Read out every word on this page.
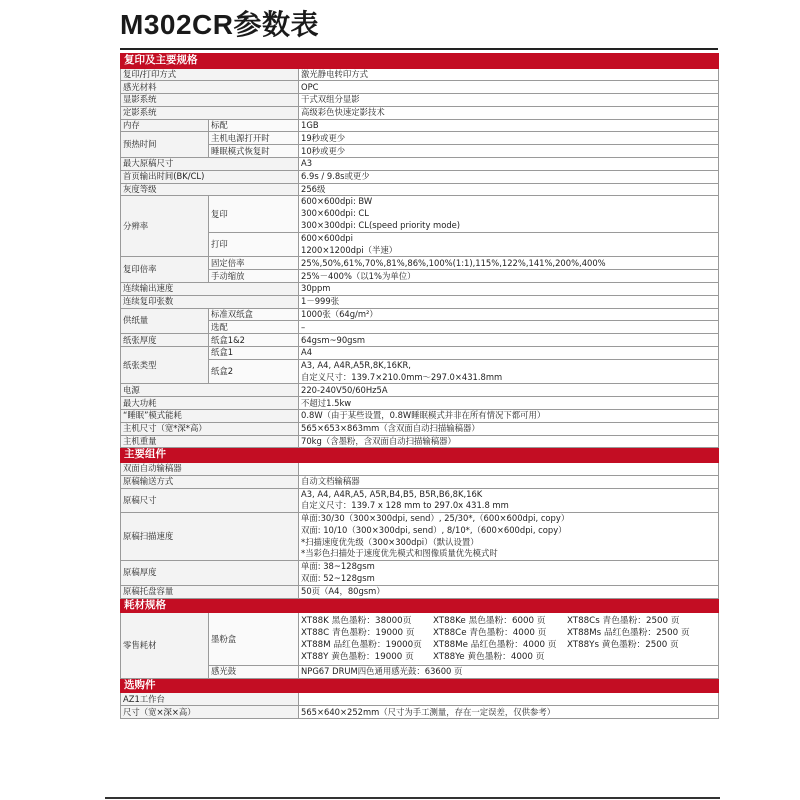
M302CR参数表
复印及主要规格		
复印/打印方式		激光静电转印方式
感光材料		OPC
显影系统		干式双组分显影
定影系统		高级彩色快速定影技术
内存	标配	1GB
预热时间	主机电源打开时	19秒或更少
	睡眠模式恢复时	10秒或更少
最大原稿尺寸		A3
首页输出时间(BK/CL)		6.9s / 9.8s或更少
灰度等级		256级
分辨率	复印	600×600dpi: BW
300×600dpi: CL
300×300dpi: CL(speed priority mode)

	打印	600×600dpi
1200×1200dpi（半速）

复印倍率	固定倍率	25%,50%,61%,70%,81%,86%,100%(1:1),115%,122%,141%,200%,400%
	手动缩放	25%－400%（以1%为单位）
连续输出速度		30ppm
连续复印张数		1－999张
供纸量	标准双纸盒	1000张（64g/m²）
	选配	–
纸张厚度	纸盒1&2	64gsm~90gsm
纸张类型	纸盒1	A4
	纸盒2	A3, A4, A4R,A5R,8K,16KR,
自定义尺寸：139.7×210.0mm～297.0×431.8mm

电源		220-240V50/60Hz5A
最大功耗		不超过1.5kw
“睡眠”模式能耗		0.8W（由于某些设置，0.8W睡眠模式并非在所有情况下都可用）
主机尺寸（宽*深*高）		565×653×863mm（含双面自动扫描输稿器）
主机重量		70kg（含墨粉，含双面自动扫描输稿器）
主要组件		
双面自动输稿器		
原稿输送方式		自动文档输稿器
原稿尺寸		A3, A4, A4R,A5, A5R,B4,B5, B5R,B6,8K,16K
自定义尺寸：139.7 x 128 mm to 297.0x 431.8 mm

原稿扫描速度		单面:30/30（300×300dpi, send）, 25/30*,（600×600dpi, copy）
双面: 10/10（300×300dpi, send）, 8/10*,（600×600dpi, copy）
*扫描速度优先级（300×300dpi）（默认设置）
*当彩色扫描处于速度优先模式和图像质量优先模式时

原稿厚度		单面: 38~128gsm
双面: 52~128gsm

原稿托盘容量		50页（A4，80gsm）
耗材规格		
零售耗材	墨粉盒	XT88K 黑色墨粉：38000页 XT88Ke 黑色墨粉：6000 页 XT88Cs 青色墨粉：2500 页
XT88C 青色墨粉：19000 页 XT88Ce 青色墨粉：4000 页 XT88Ms 品红色墨粉：2500 页
XT88M 品红色墨粉：19000页 XT88Me 品红色墨粉：4000 页 XT88Ys 黄色墨粉：2500 页
XT88Y 黄色墨粉：19000 页 XT88Ye 黄色墨粉：4000 页

	感光鼓	NPG67 DRUM四色通用感光鼓：63600 页
选购件		
AZ1工作台		
尺寸（宽×深×高）		565×640×252mm（尺寸为手工测量，存在一定误差，仅供参考）
